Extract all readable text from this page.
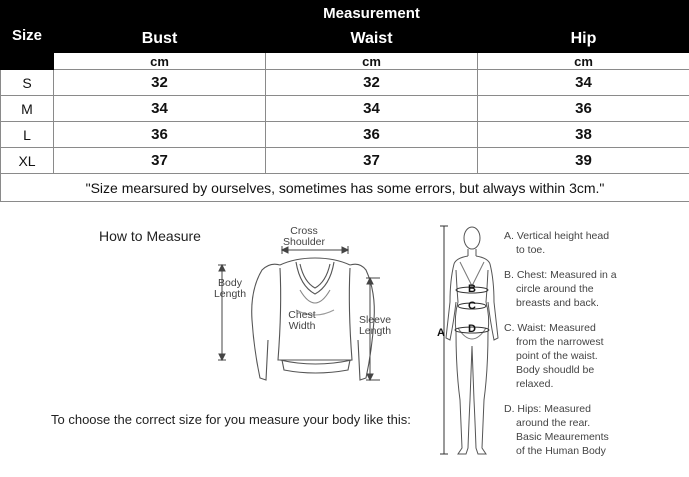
Size	Measurement		
	Bust	Waist	Hip
	cm	cm	cm
S	32	32	34
M	34	34	36
L	36	36	38
XL	37	37	39
"Size mearsured by ourselves, sometimes has some errors, but always within 3cm."			
How to Measure	Cross
Shoulder
Body
Length
Chest
Width	Sleeve
Length	A
B
C
D
A. Vertical height head
to toe.
B. Chest: Measured in a
circle around the
breasts and back.
C. Waist: Measured
from the narrowest
point of the waist.
Body shoudld be
relaxed.
D. Hips: Measured
around the rear.
Basic Meaurements
of the Human Body
To choose the correct size for you measure your body like this:
